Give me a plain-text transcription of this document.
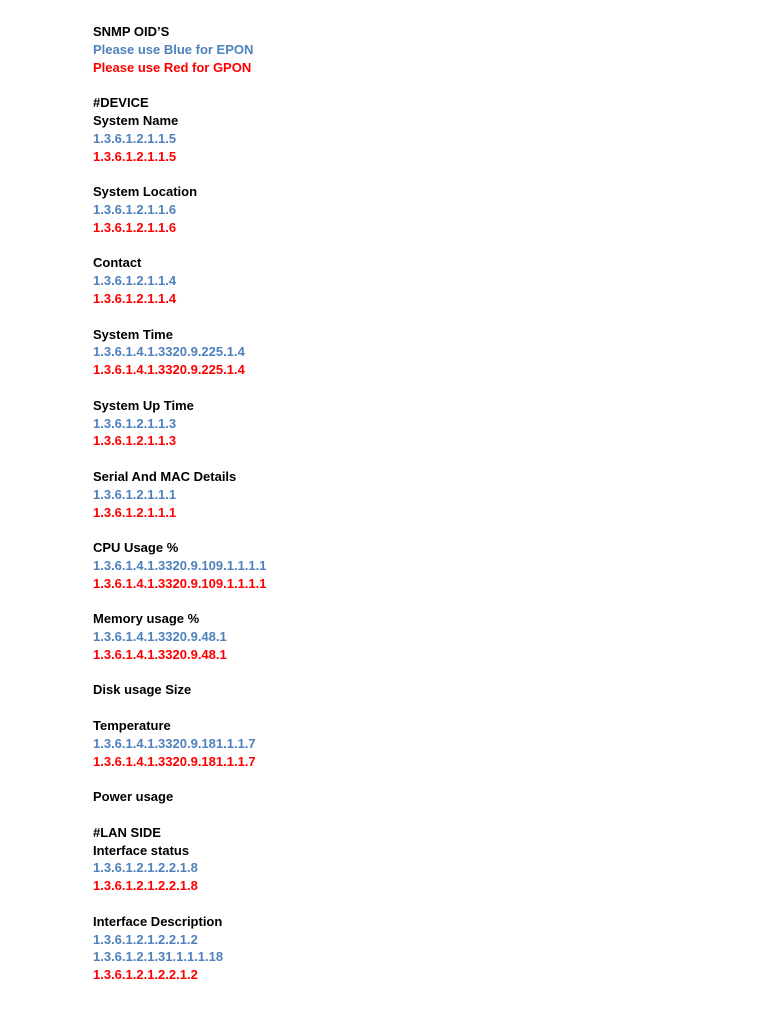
SNMP OID’S
Please use Blue for EPON
Please use Red for GPON
#DEVICE
System Name
1.3.6.1.2.1.1.5
1.3.6.1.2.1.1.5
System Location
1.3.6.1.2.1.1.6
1.3.6.1.2.1.1.6
Contact
1.3.6.1.2.1.1.4
1.3.6.1.2.1.1.4
System Time
1.3.6.1.4.1.3320.9.225.1.4
1.3.6.1.4.1.3320.9.225.1.4
System Up Time
1.3.6.1.2.1.1.3
1.3.6.1.2.1.1.3
Serial And MAC Details
1.3.6.1.2.1.1.1
1.3.6.1.2.1.1.1
CPU Usage %
1.3.6.1.4.1.3320.9.109.1.1.1.1
1.3.6.1.4.1.3320.9.109.1.1.1.1
Memory usage %
1.3.6.1.4.1.3320.9.48.1
1.3.6.1.4.1.3320.9.48.1
Disk usage Size
Temperature
1.3.6.1.4.1.3320.9.181.1.1.7
1.3.6.1.4.1.3320.9.181.1.1.7
Power usage
#LAN SIDE
Interface status
1.3.6.1.2.1.2.2.1.8
1.3.6.1.2.1.2.2.1.8
Interface Description
1.3.6.1.2.1.2.2.1.2
1.3.6.1.2.1.31.1.1.1.18
1.3.6.1.2.1.2.2.1.2
